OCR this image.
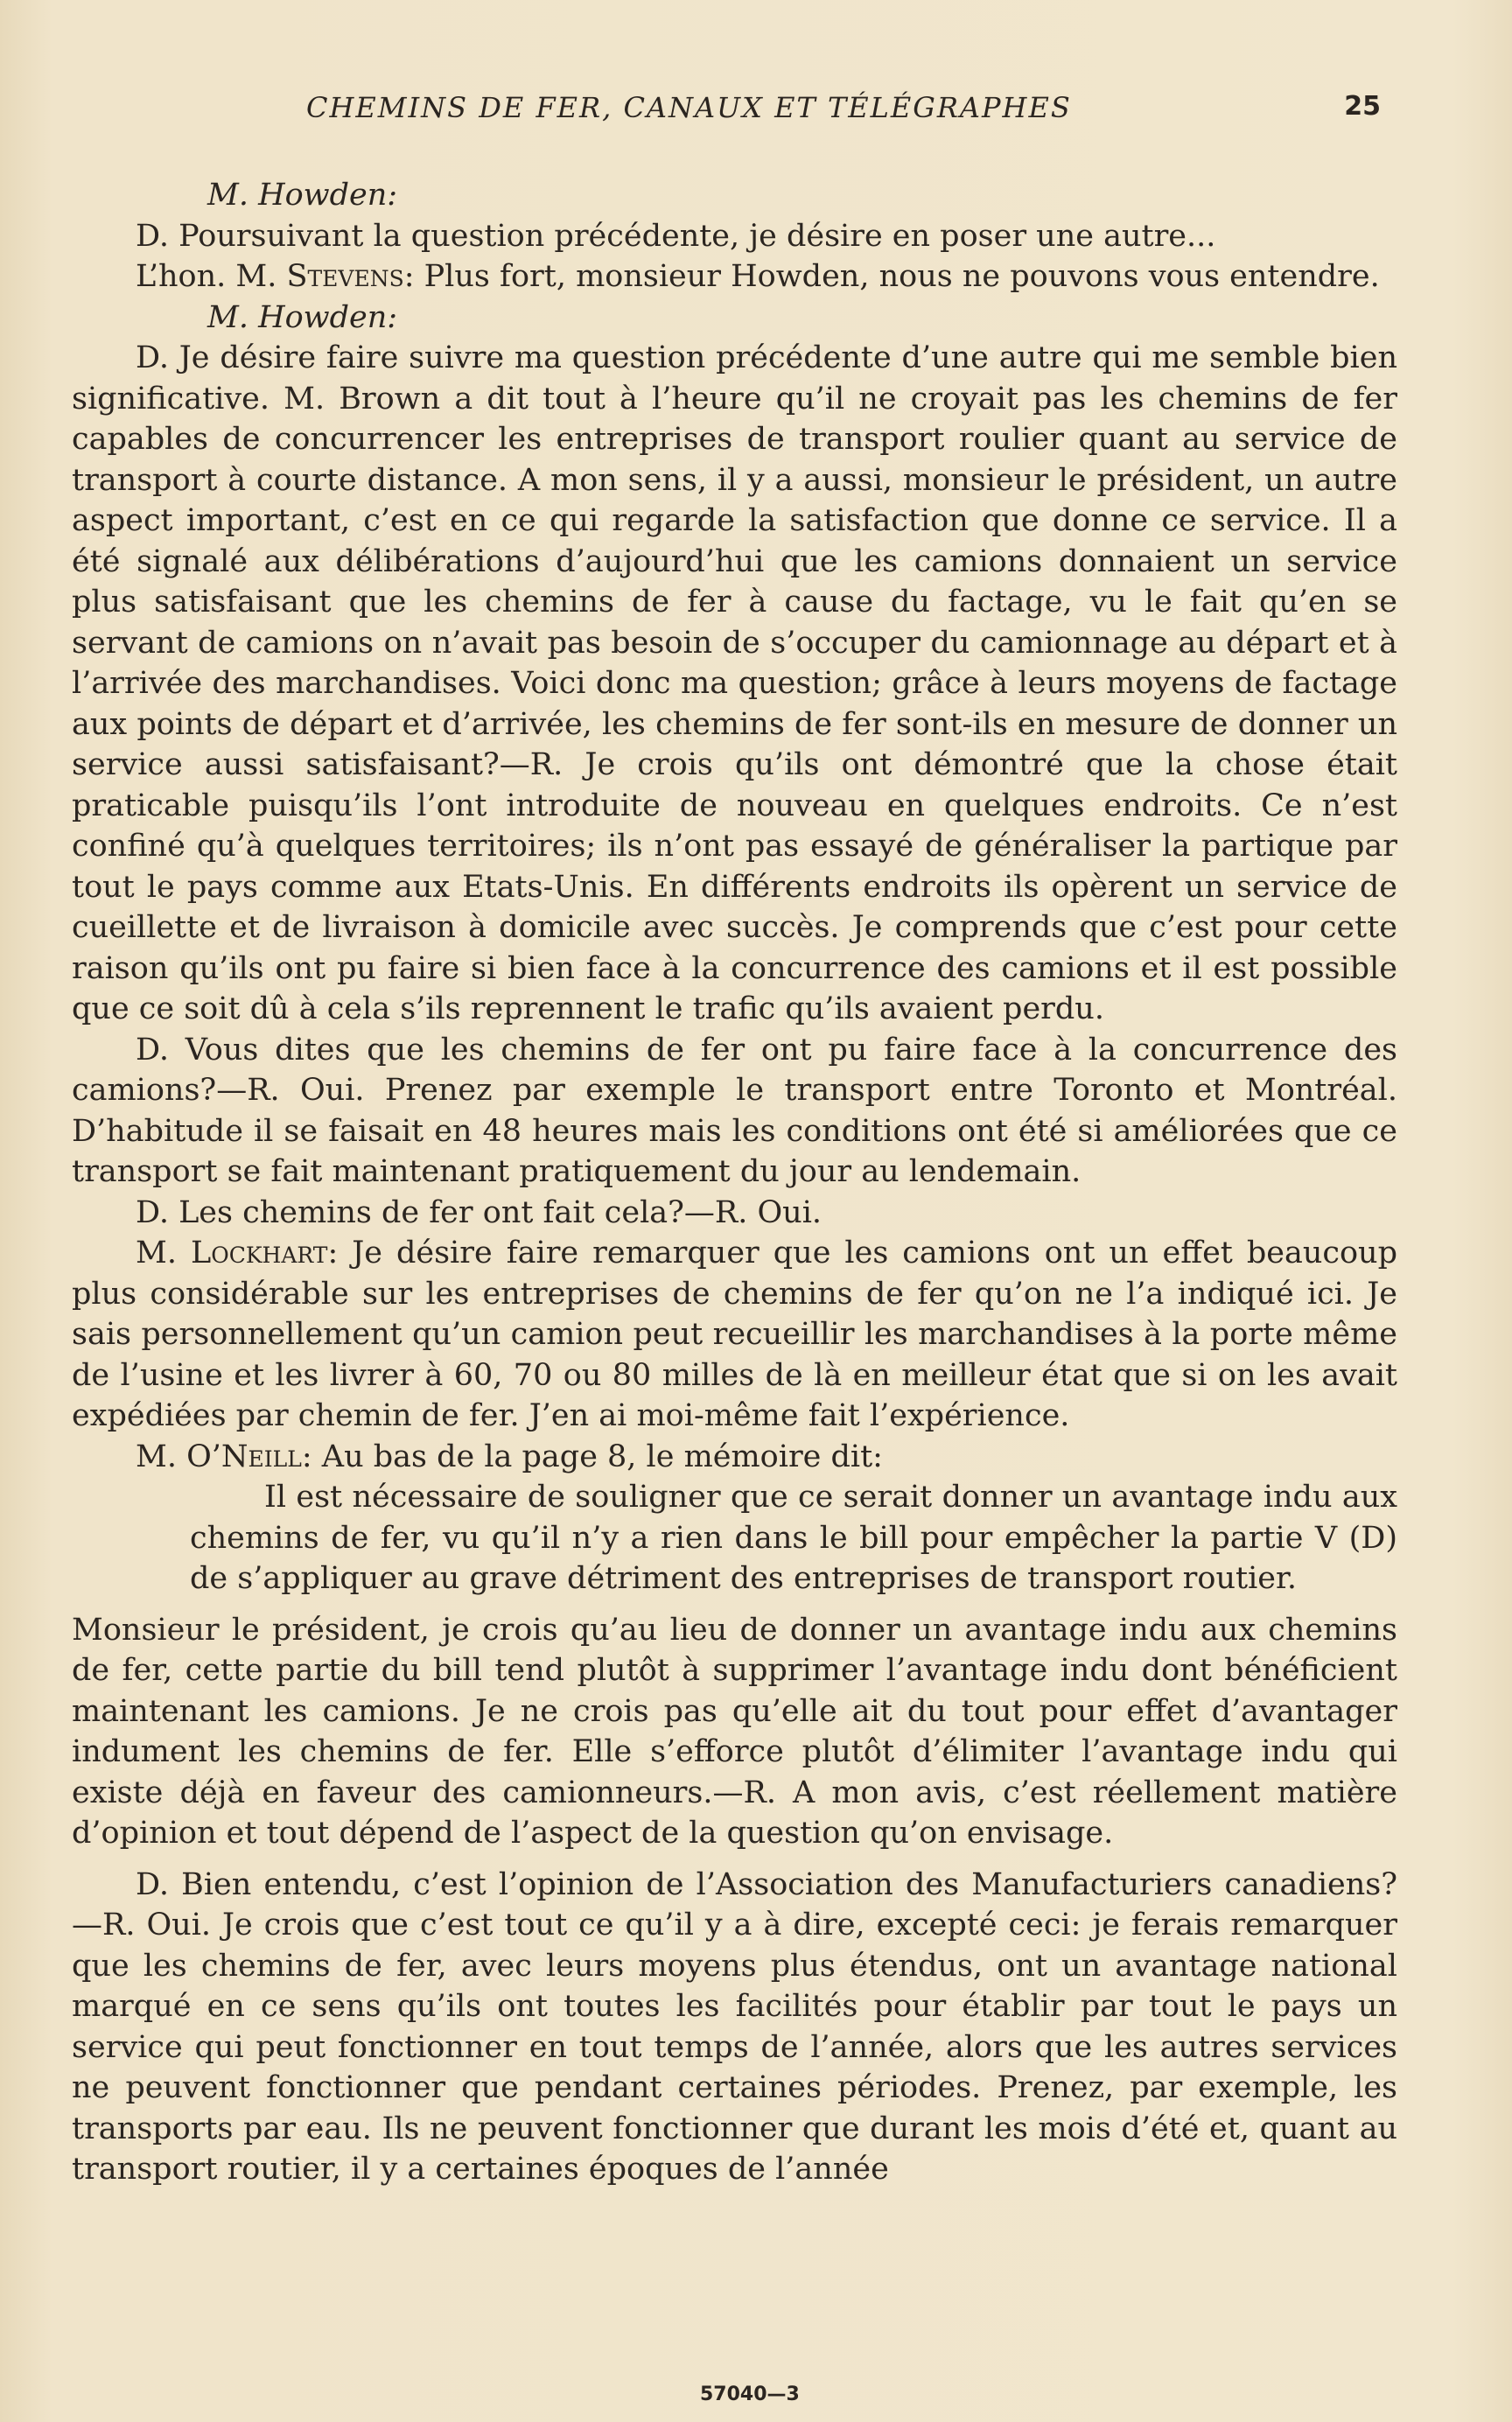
CHEMINS DE FER, CANAUX ET TÉLÉGRAPHES	25

M. Howden:

D. Poursuivant la question précédente, je désire en poser une autre...

L’hon. M. Stevens: Plus fort, monsieur Howden, nous ne pouvons vous entendre.

M. Howden:

D. Je désire faire suivre ma question précédente d’une autre qui me semble bien significative. M. Brown a dit tout à l’heure qu’il ne croyait pas les chemins de fer capables de concurrencer les entreprises de transport roulier quant au service de transport à courte distance. A mon sens, il y a aussi, monsieur le président, un autre aspect important, c’est en ce qui regarde la satisfaction que donne ce service. Il a été signalé aux délibérations d’aujourd’hui que les camions donnaient un service plus satisfaisant que les chemins de fer à cause du factage, vu le fait qu’en se servant de camions on n’avait pas besoin de s’occuper du camionnage au départ et à l’arrivée des marchandises. Voici donc ma question; grâce à leurs moyens de factage aux points de départ et d’arrivée, les chemins de fer sont-ils en mesure de donner un service aussi satisfaisant?—R. Je crois qu’ils ont démontré que la chose était praticable puisqu’ils l’ont introduite de nouveau en quelques endroits. Ce n’est confiné qu’à quelques territoires; ils n’ont pas essayé de généraliser la partique par tout le pays comme aux Etats-Unis. En différents endroits ils opèrent un service de cueillette et de livraison à domicile avec succès. Je comprends que c’est pour cette raison qu’ils ont pu faire si bien face à la concurrence des camions et il est possible que ce soit dû à cela s’ils reprennent le trafic qu’ils avaient perdu.

D. Vous dites que les chemins de fer ont pu faire face à la concurrence des camions?—R. Oui. Prenez par exemple le transport entre Toronto et Montréal. D’habitude il se faisait en 48 heures mais les conditions ont été si améliorées que ce transport se fait maintenant pratiquement du jour au lendemain.

D. Les chemins de fer ont fait cela?—R. Oui.

M. Lockhart: Je désire faire remarquer que les camions ont un effet beaucoup plus considérable sur les entreprises de chemins de fer qu’on ne l’a indiqué ici. Je sais personnellement qu’un camion peut recueillir les marchandises à la porte même de l’usine et les livrer à 60, 70 ou 80 milles de là en meilleur état que si on les avait expédiées par chemin de fer. J’en ai moi-même fait l’expérience.

M. O’Neill: Au bas de la page 8, le mémoire dit:

Il est nécessaire de souligner que ce serait donner un avantage indu aux chemins de fer, vu qu’il n’y a rien dans le bill pour empêcher la partie V (D) de s’appliquer au grave détriment des entreprises de transport routier.

Monsieur le président, je crois qu’au lieu de donner un avantage indu aux chemins de fer, cette partie du bill tend plutôt à supprimer l’avantage indu dont bénéficient maintenant les camions. Je ne crois pas qu’elle ait du tout pour effet d’avantager indument les chemins de fer. Elle s’efforce plutôt d’élimiter l’avantage indu qui existe déjà en faveur des camionneurs.—R. A mon avis, c’est réellement matière d’opinion et tout dépend de l’aspect de la question qu’on envisage.

D. Bien entendu, c’est l’opinion de l’Association des Manufacturiers canadiens?—R. Oui. Je crois que c’est tout ce qu’il y a à dire, excepté ceci: je ferais remarquer que les chemins de fer, avec leurs moyens plus étendus, ont un avantage national marqué en ce sens qu’ils ont toutes les facilités pour établir par tout le pays un service qui peut fonctionner en tout temps de l’année, alors que les autres services ne peuvent fonctionner que pendant certaines périodes. Prenez, par exemple, les transports par eau. Ils ne peuvent fonctionner que durant les mois d’été et, quant au transport routier, il y a certaines époques de l’année

57040—3
